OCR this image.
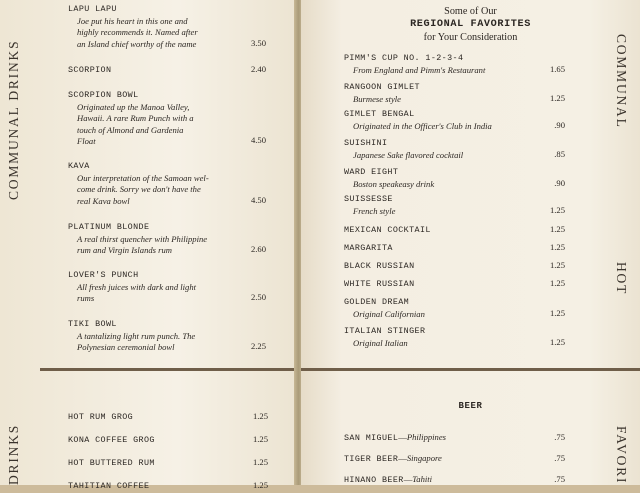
COMMUNAL DRINKS
DRINKS
LAPU LAPU
Joe put his heart in this one and
highly recommends it. Named after
an Island chief worthy of the name	3.50
SCORPION	2.40
SCORPION BOWL
Originated up the Manoa Valley,
Hawaii. A rare Rum Punch with a
touch of Almond and Gardenia
Float	4.50
KAVA
Our interpretation of the Samoan wel-
come drink. Sorry we don't have the
real Kava bowl	4.50
PLATINUM BLONDE
A real thirst quencher with Philippine
rum and Virgin Islands rum	2.60
LOVER'S PUNCH
All fresh juices with dark and light
rums	2.50
TIKI BOWL
A tantalizing light rum punch. The
Polynesian ceremonial bowl	2.25
HOT RUM GROG	1.25
KONA COFFEE GROG	1.25
HOT BUTTERED RUM	1.25
TAHITIAN COFFEE	1.25
Some of Our
REGIONAL FAVORITES
for Your Consideration
PIMM'S CUP NO. 1-2-3-4
From England and Pimm's Restaurant	1.65
RANGOON GIMLET
Burmese style	1.25
GIMLET BENGAL
Originated in the Officer's Club in India	.90
SUISHINI
Japanese Sake flavored cocktail	.85
WARD EIGHT
Boston speakeasy drink	.90
SUISSESSE
French style	1.25
MEXICAN COCKTAIL	1.25
MARGARITA	1.25
BLACK RUSSIAN	1.25
WHITE RUSSIAN	1.25
GOLDEN DREAM
Original Californian	1.25
ITALIAN STINGER
Original Italian	1.25
BEER
SAN MIGUEL—Philippines	.75
TIGER BEER—Singapore	.75
HINANO BEER—Tahiti	.75
COMMUNAL
HOT
FAVORI
